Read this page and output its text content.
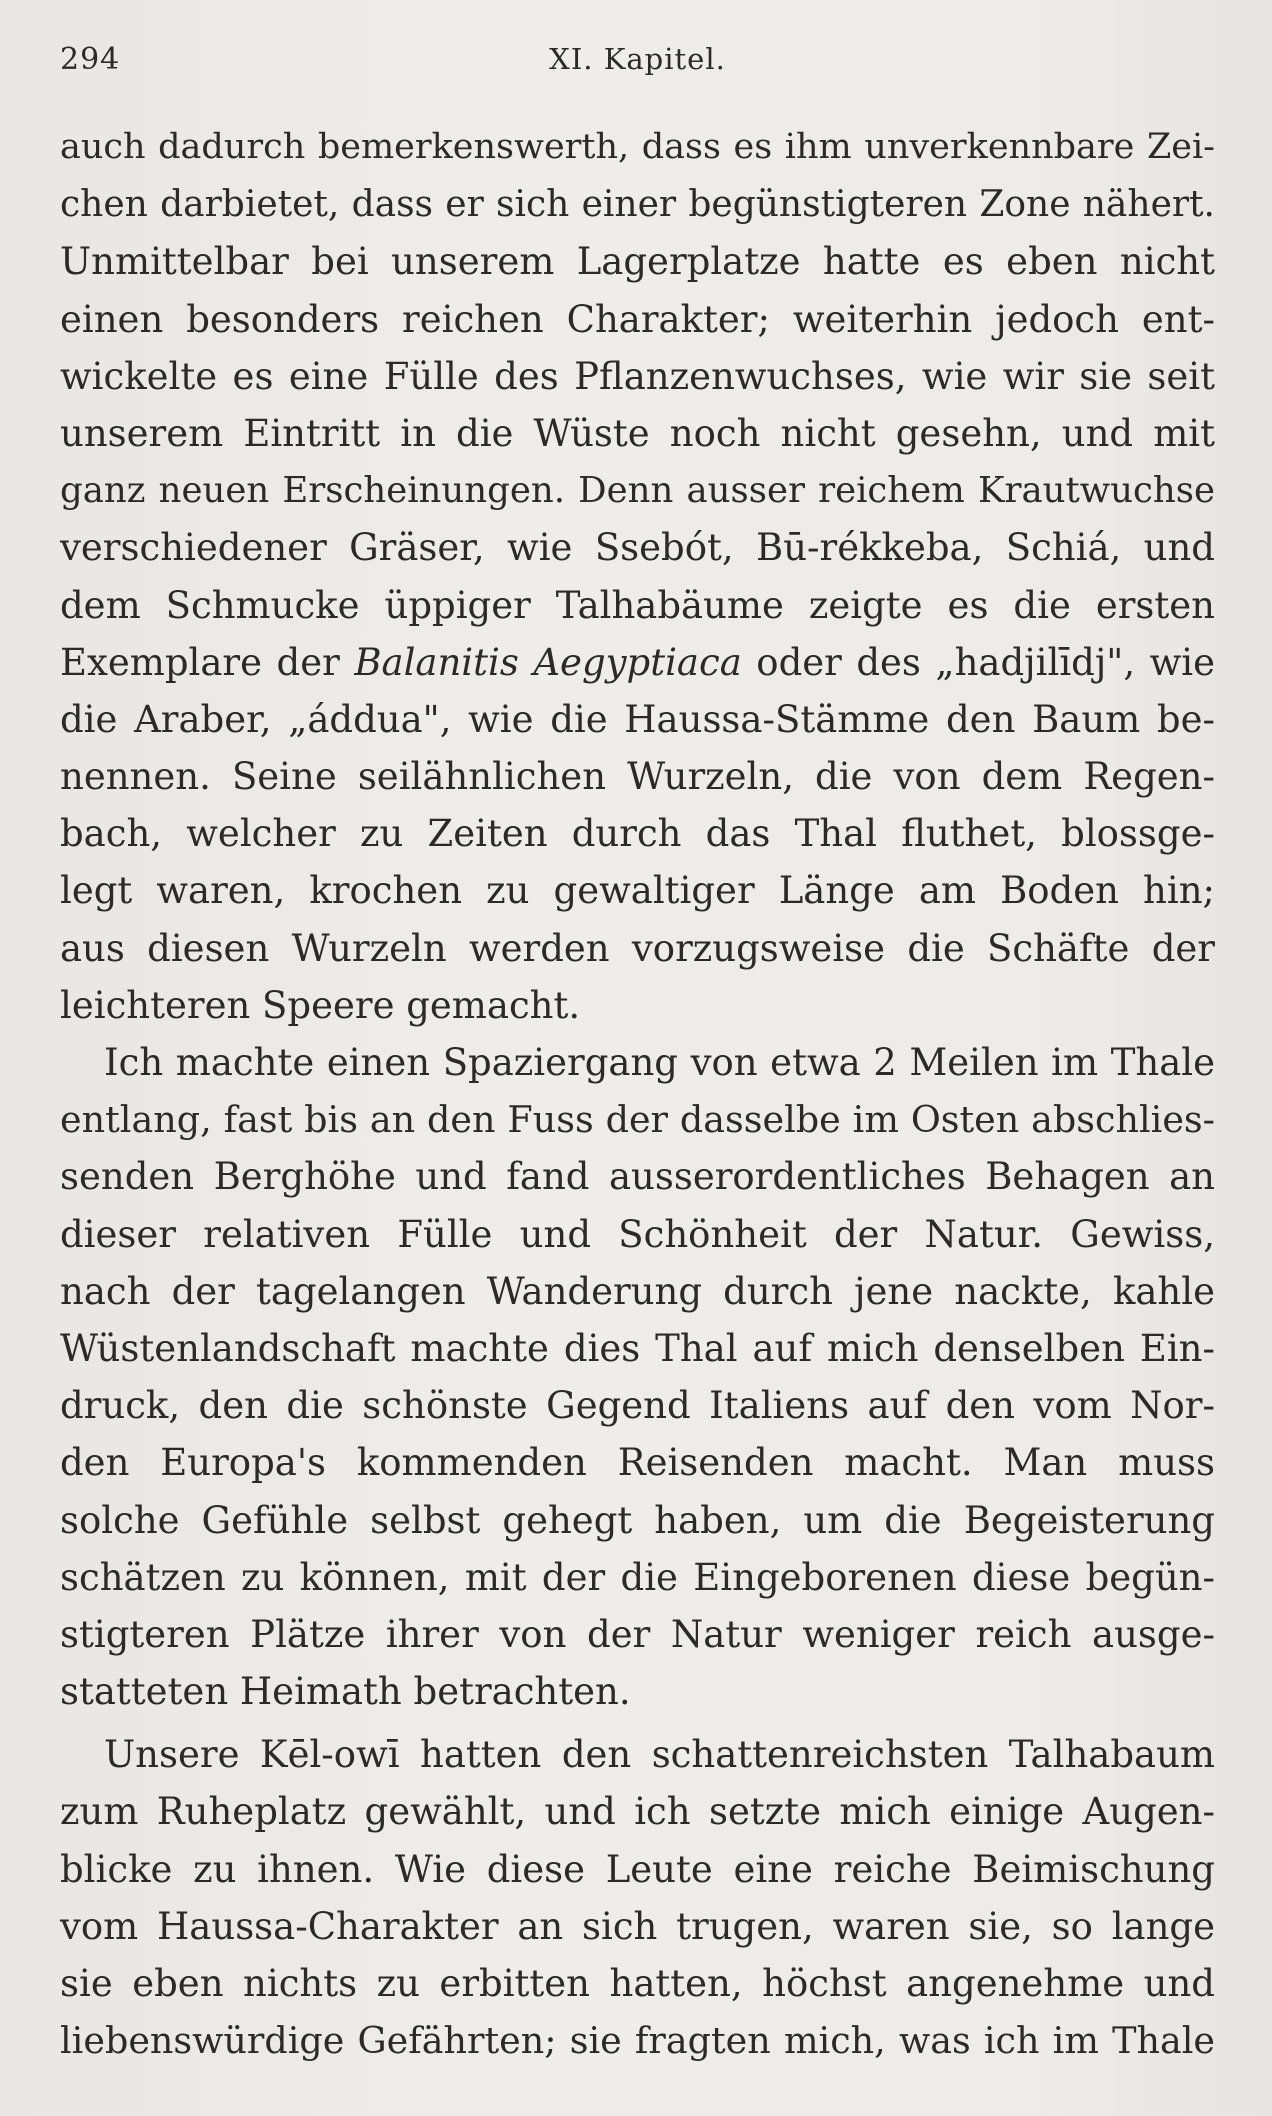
294	XI. Kapitel.
auch dadurch bemerkenswerth, dass es ihm unverkennbare Zei-
chen darbietet, dass er sich einer begünstigteren Zone nähert.
Unmittelbar bei unserem Lagerplatze hatte es eben nicht
einen besonders reichen Charakter; weiterhin jedoch ent-
wickelte es eine Fülle des Pflanzenwuchses, wie wir sie seit
unserem Eintritt in die Wüste noch nicht gesehn, und mit
ganz neuen Erscheinungen. Denn ausser reichem Krautwuchse
verschiedener Gräser, wie Ssebót, Bū-rékkeba, Schiá, und
dem Schmucke üppiger Talhabäume zeigte es die ersten
Exemplare der Balanitis Aegyptiaca oder des „hadjilīdj", wie
die Araber, „áddua", wie die Haussa-Stämme den Baum be-
nennen. Seine seilähnlichen Wurzeln, die von dem Regen-
bach, welcher zu Zeiten durch das Thal fluthet, blossge-
legt waren, krochen zu gewaltiger Länge am Boden hin;
aus diesen Wurzeln werden vorzugsweise die Schäfte der
leichteren Speere gemacht.
Ich machte einen Spaziergang von etwa 2 Meilen im Thale
entlang, fast bis an den Fuss der dasselbe im Osten abschlies-
senden Berghöhe und fand ausserordentliches Behagen an
dieser relativen Fülle und Schönheit der Natur. Gewiss,
nach der tagelangen Wanderung durch jene nackte, kahle
Wüstenlandschaft machte dies Thal auf mich denselben Ein-
druck, den die schönste Gegend Italiens auf den vom Nor-
den Europa's kommenden Reisenden macht. Man muss
solche Gefühle selbst gehegt haben, um die Begeisterung
schätzen zu können, mit der die Eingeborenen diese begün-
stigteren Plätze ihrer von der Natur weniger reich ausge-
statteten Heimath betrachten.
Unsere Kēl-owī hatten den schattenreichsten Talhabaum
zum Ruheplatz gewählt, und ich setzte mich einige Augen-
blicke zu ihnen. Wie diese Leute eine reiche Beimischung
vom Haussa-Charakter an sich trugen, waren sie, so lange
sie eben nichts zu erbitten hatten, höchst angenehme und
liebenswürdige Gefährten; sie fragten mich, was ich im Thale
